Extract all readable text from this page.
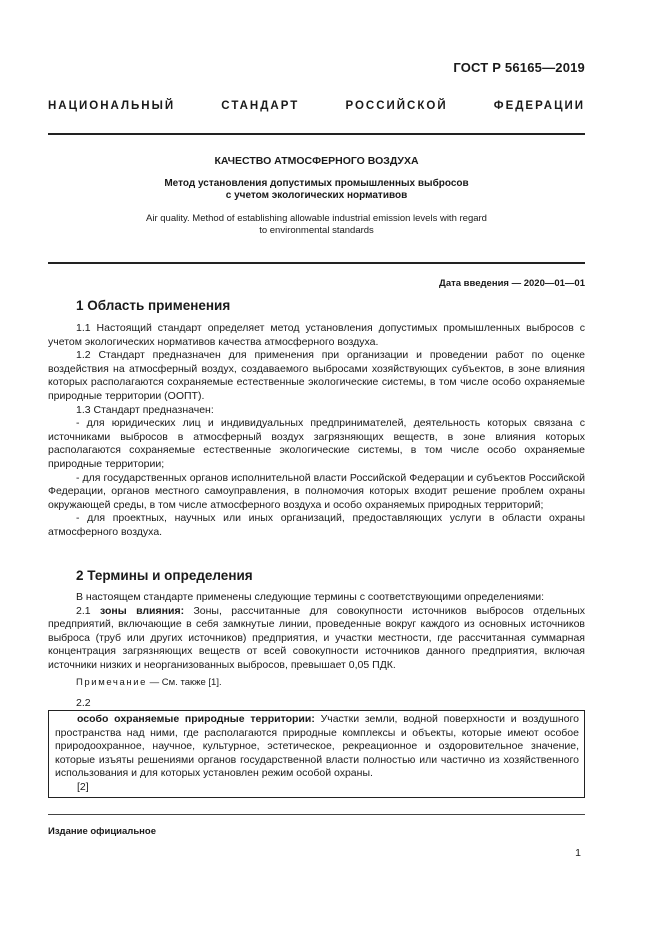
ГОСТ Р 56165—2019
НАЦИОНАЛЬНЫЙ СТАНДАРТ РОССИЙСКОЙ ФЕДЕРАЦИИ
КАЧЕСТВО АТМОСФЕРНОГО ВОЗДУХА
Метод установления допустимых промышленных выбросов
с учетом экологических нормативов
Air quality. Method of establishing allowable industrial emission levels with regard
to environmental standards
Дата введения — 2020—01—01
1 Область применения

1.1 Настоящий стандарт определяет метод установления допустимых промышленных выбросов с учетом экологических нормативов качества атмосферного воздуха.

1.2 Стандарт предназначен для применения при организации и проведении работ по оценке воздействия на атмосферный воздух, создаваемого выбросами хозяйствующих субъектов, в зоне влияния которых располагаются сохраняемые естественные экологические системы, в том числе особо охраняемые природные территории (ООПТ).

1.3 Стандарт предназначен:

- для юридических лиц и индивидуальных предпринимателей, деятельность которых связана с источниками выбросов в атмосферный воздух загрязняющих веществ, в зоне влияния которых располагаются сохраняемые естественные экологические системы, в том числе особо охраняемые природные территории;

- для государственных органов исполнительной власти Российской Федерации и субъектов Российской Федерации, органов местного самоуправления, в полномочия которых входит решение проблем охраны окружающей среды, в том числе атмосферного воздуха и особо охраняемых природных территорий;

- для проектных, научных или иных организаций, предоставляющих услуги в области охраны атмосферного воздуха.

2 Термины и определения

В настоящем стандарте применены следующие термины с соответствующими определениями:

2.1 зоны влияния: Зоны, рассчитанные для совокупности источников выбросов отдельных предприятий, включающие в себя замкнутые линии, проведенные вокруг каждого из основных источников выброса (труб или других источников) предприятия, и участки местности, где рассчитанная суммарная концентрация загрязняющих веществ от всей совокупности источников данного предприятия, включая источники низких и неорганизованных выбросов, превышает 0,05 ПДК.

Примечание — См. также [1].
2.2

особо охраняемые природные территории: Участки земли, водной поверхности и воздушного пространства над ними, где располагаются природные комплексы и объекты, которые имеют особое природоохранное, научное, культурное, эстетическое, рекреационное и оздоровительное значение, которые изъяты решениями органов государственной власти полностью или частично из хозяйственного использования и для которых установлен режим особой охраны.

[2]

Издание официальное
1
